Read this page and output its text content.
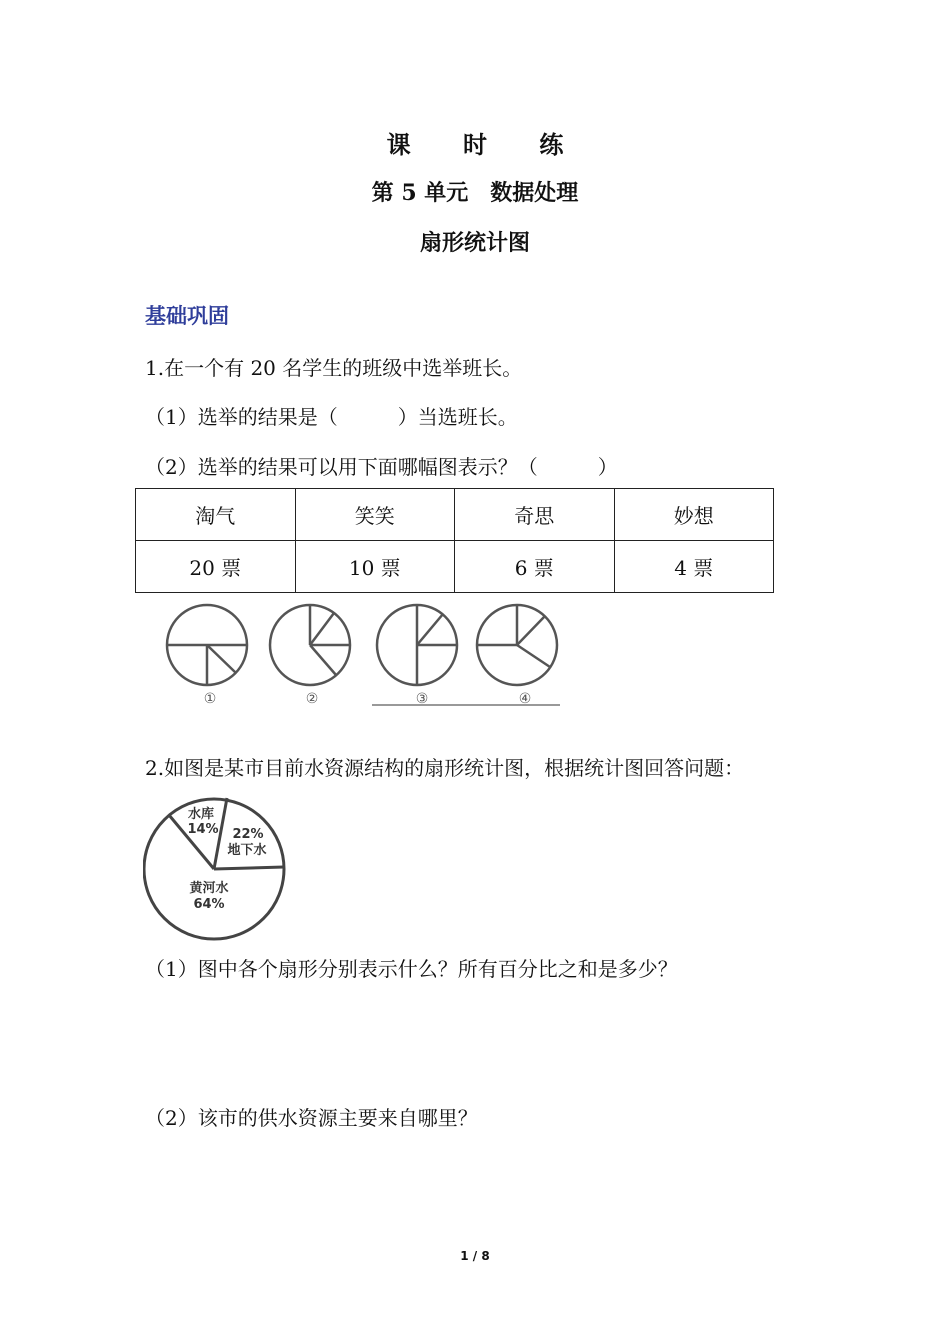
课 时 练
第 5 单元　数据处理
扇形统计图
基础巩固
1.在一个有 20 名学生的班级中选举班长。
（1）选举的结果是（　　　）当选班长。
（2）选举的结果可以用下面哪幅图表示？（　　　）
淘气	笑笑	奇思	妙想
20 票	10 票	6 票	4 票
①	②	③	④
2.如图是某市目前水资源结构的扇形统计图，根据统计图回答问题：
水库
14% 22%
地下水
黄河水
64%
（1）图中各个扇形分别表示什么？所有百分比之和是多少？
（2）该市的供水资源主要来自哪里？
1 / 8
